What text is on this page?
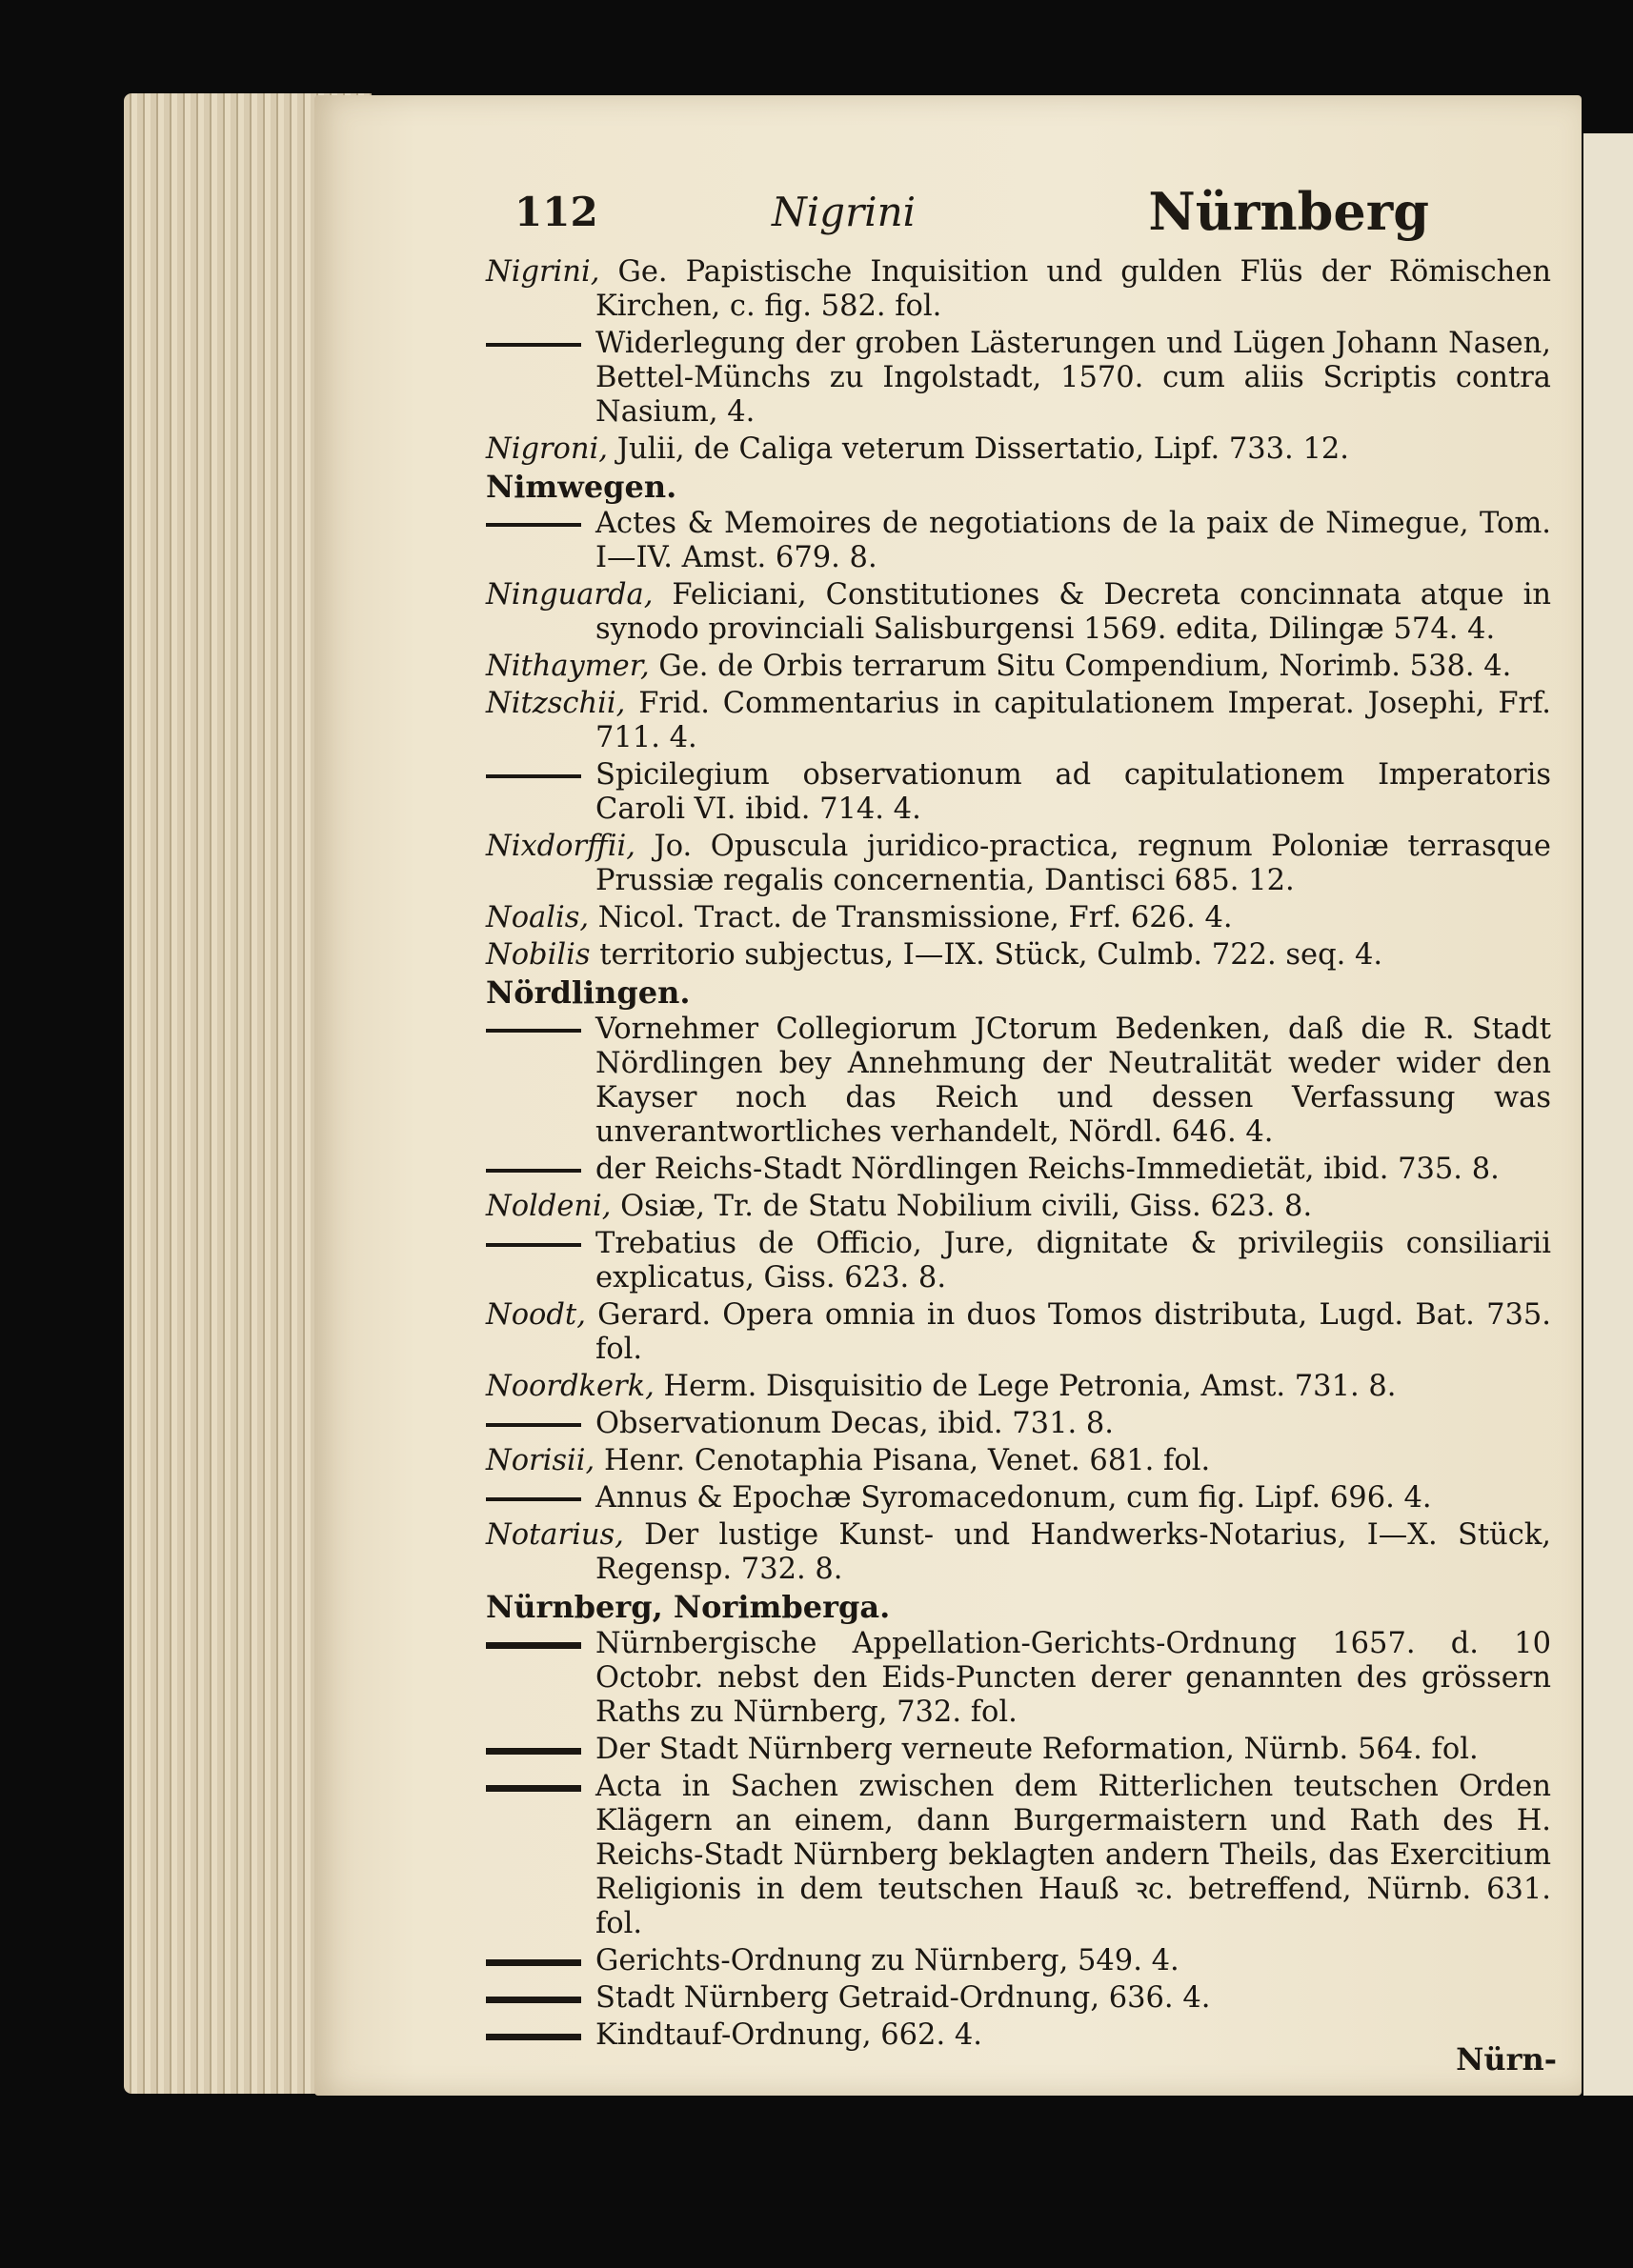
112	Nigrini	Nürnberg
Nigrini, Ge. Papistische Inquisition und gulden Flüs der Römischen Kirchen, c. fig. 582. fol.
Widerlegung der groben Lästerungen und Lügen Johann Nasen, Bettel-Münchs zu Ingolstadt, 1570. cum aliis Scriptis contra Nasium, 4.
Nigroni, Julii, de Caliga veterum Dissertatio, Lipf. 733. 12.
Nimwegen.
Actes & Memoires de negotiations de la paix de Nimegue, Tom. I—IV. Amst. 679. 8.
Ninguarda, Feliciani, Constitutiones & Decreta concinnata atque in synodo provinciali Salisburgensi 1569. edita, Dilingæ 574. 4.
Nithaymer, Ge. de Orbis terrarum Situ Compendium, Norimb. 538. 4.
Nitzschii, Frid. Commentarius in capitulationem Imperat. Josephi, Frf. 711. 4.
Spicilegium observationum ad capitulationem Imperatoris Caroli VI. ibid. 714. 4.
Nixdorffii, Jo. Opuscula juridico-practica, regnum Poloniæ terrasque Prussiæ regalis concernentia, Dantisci 685. 12.
Noalis, Nicol. Tract. de Transmissione, Frf. 626. 4.
Nobilis territorio subjectus, I—IX. Stück, Culmb. 722. seq. 4.
Nördlingen.
Vornehmer Collegiorum JCtorum Bedenken, daß die R. Stadt Nördlingen bey Annehmung der Neutralität weder wider den Kayser noch das Reich und dessen Verfassung was unverantwortliches verhandelt, Nördl. 646. 4.
der Reichs-Stadt Nördlingen Reichs-Immedietät, ibid. 735. 8.
Noldeni, Osiæ, Tr. de Statu Nobilium civili, Giss. 623. 8.
Trebatius de Officio, Jure, dignitate & privilegiis consiliarii explicatus, Giss. 623. 8.
Noodt, Gerard. Opera omnia in duos Tomos distributa, Lugd. Bat. 735. fol.
Noordkerk, Herm. Disquisitio de Lege Petronia, Amst. 731. 8.
Observationum Decas, ibid. 731. 8.
Norisii, Henr. Cenotaphia Pisana, Venet. 681. fol.
Annus & Epochæ Syromacedonum, cum fig. Lipf. 696. 4.
Notarius, Der lustige Kunst- und Handwerks-Notarius, I—X. Stück, Regensp. 732. 8.
Nürnberg, Norimberga.
Nürnbergische Appellation-Gerichts-Ordnung 1657. d. 10 Octobr. nebst den Eids-Puncten derer genannten des grössern Raths zu Nürnberg, 732. fol.
Der Stadt Nürnberg verneute Reformation, Nürnb. 564. fol.
Acta in Sachen zwischen dem Ritterlichen teutschen Orden Klägern an einem, dann Burgermaistern und Rath des H. Reichs-Stadt Nürnberg beklagten andern Theils, das Exercitium Religionis in dem teutschen Hauß ꝛc. betreffend, Nürnb. 631. fol.
Gerichts-Ordnung zu Nürnberg, 549. 4.
Stadt Nürnberg Getraid-Ordnung, 636. 4.
Kindtauf-Ordnung, 662. 4.
Nürn-
